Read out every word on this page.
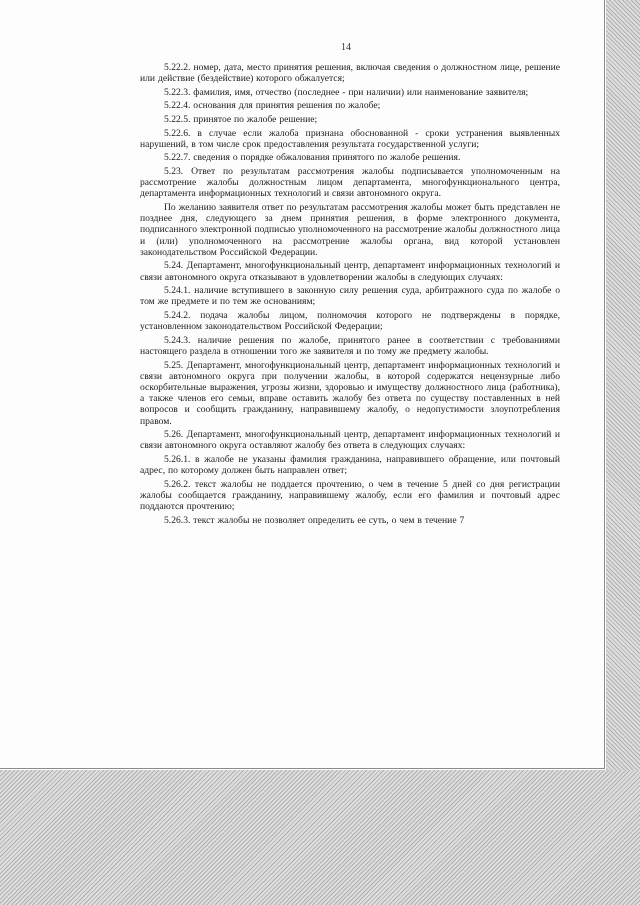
14

5.22.2. номер, дата, место принятия решения, включая сведения о должностном лице, решение или действие (бездействие) которого обжалуется;

5.22.3. фамилия, имя, отчество (последнее - при наличии) или наименование заявителя;

5.22.4. основания для принятия решения по жалобе;

5.22.5. принятое по жалобе решение;

5.22.6. в случае если жалоба признана обоснованной - сроки устранения выявленных нарушений, в том числе срок предоставления результата государственной услуги;

5.22.7. сведения о порядке обжалования принятого по жалобе решения.

5.23. Ответ по результатам рассмотрения жалобы подписывается уполномоченным на рассмотрение жалобы должностным лицом департамента, многофункционального центра, департамента информационных технологий и связи автономного округа.

По желанию заявителя ответ по результатам рассмотрения жалобы может быть представлен не позднее дня, следующего за днем принятия решения, в форме электронного документа, подписанного электронной подписью уполномоченного на рассмотрение жалобы должностного лица и (или) уполномоченного на рассмотрение жалобы органа, вид которой установлен законодательством Российской Федерации.

5.24. Департамент, многофункциональный центр, департамент информационных технологий и связи автономного округа отказывают в удовлетворении жалобы в следующих случаях:

5.24.1. наличие вступившего в законную силу решения суда, арбитражного суда по жалобе о том же предмете и по тем же основаниям;

5.24.2. подача жалобы лицом, полномочия которого не подтверждены в порядке, установленном законодательством Российской Федерации;

5.24.3. наличие решения по жалобе, принятого ранее в соответствии с требованиями настоящего раздела в отношении того же заявителя и по тому же предмету жалобы.

5.25. Департамент, многофункциональный центр, департамент информационных технологий и связи автономного округа при получении жалобы, в которой содержатся нецензурные либо оскорбительные выражения, угрозы жизни, здоровью и имуществу должностного лица (работника), а также членов его семьи, вправе оставить жалобу без ответа по существу поставленных в ней вопросов и сообщить гражданину, направившему жалобу, о недопустимости злоупотребления правом.

5.26. Департамент, многофункциональный центр, департамент информационных технологий и связи автономного округа оставляют жалобу без ответа в следующих случаях:

5.26.1. в жалобе не указаны фамилия гражданина, направившего обращение, или почтовый адрес, по которому должен быть направлен ответ;

5.26.2. текст жалобы не поддается прочтению, о чем в течение 5 дней со дня регистрации жалобы сообщается гражданину, направившему жалобу, если его фамилия и почтовый адрес поддаются прочтению;

5.26.3. текст жалобы не позволяет определить ее суть, о чем в течение 7
